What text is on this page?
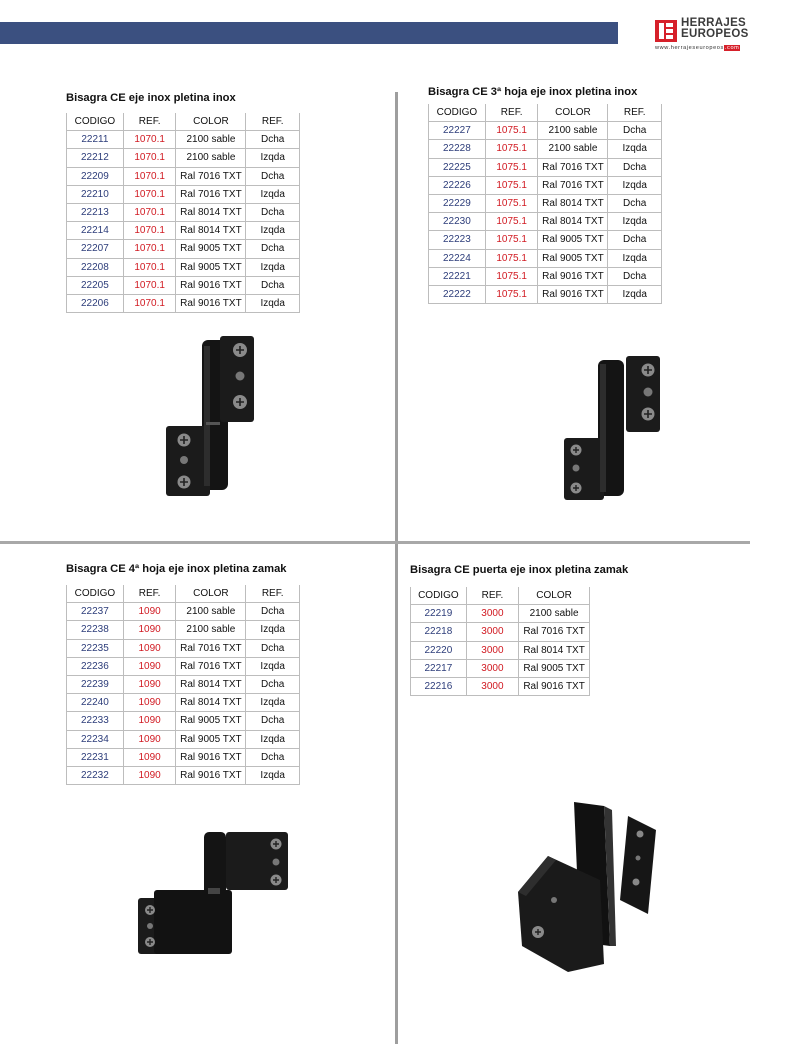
HERRAJES
EUROPEOS
www.herrajeseuropeos.com
Bisagra CE eje inox pletina inox
CODIGO	REF.	COLOR	REF.
22211	1070.1	2100 sable	Dcha
22212	1070.1	2100 sable	Izqda
22209	1070.1	Ral 7016 TXT	Dcha
22210	1070.1	Ral 7016 TXT	Izqda
22213	1070.1	Ral 8014 TXT	Dcha
22214	1070.1	Ral 8014 TXT	Izqda
22207	1070.1	Ral 9005 TXT	Dcha
22208	1070.1	Ral 9005 TXT	Izqda
22205	1070.1	Ral 9016 TXT	Dcha
22206	1070.1	Ral 9016 TXT	Izqda
Bisagra CE 3ª hoja eje inox pletina inox
CODIGO	REF.	COLOR	REF.
22227	1075.1	2100 sable	Dcha
22228	1075.1	2100 sable	Izqda
22225	1075.1	Ral 7016 TXT	Dcha
22226	1075.1	Ral 7016 TXT	Izqda
22229	1075.1	Ral 8014 TXT	Dcha
22230	1075.1	Ral 8014 TXT	Izqda
22223	1075.1	Ral 9005 TXT	Dcha
22224	1075.1	Ral 9005 TXT	Izqda
22221	1075.1	Ral 9016 TXT	Dcha
22222	1075.1	Ral 9016 TXT	Izqda
Bisagra CE 4ª hoja eje inox pletina zamak
CODIGO	REF.	COLOR	REF.
22237	1090	2100 sable	Dcha
22238	1090	2100 sable	Izqda
22235	1090	Ral 7016 TXT	Dcha
22236	1090	Ral 7016 TXT	Izqda
22239	1090	Ral 8014 TXT	Dcha
22240	1090	Ral 8014 TXT	Izqda
22233	1090	Ral 9005 TXT	Dcha
22234	1090	Ral 9005 TXT	Izqda
22231	1090	Ral 9016 TXT	Dcha
22232	1090	Ral 9016 TXT	Izqda
Bisagra CE puerta eje inox pletina zamak
CODIGO	REF.	COLOR
22219	3000	2100 sable
22218	3000	Ral 7016 TXT
22220	3000	Ral 8014 TXT
22217	3000	Ral 9005 TXT
22216	3000	Ral 9016 TXT
